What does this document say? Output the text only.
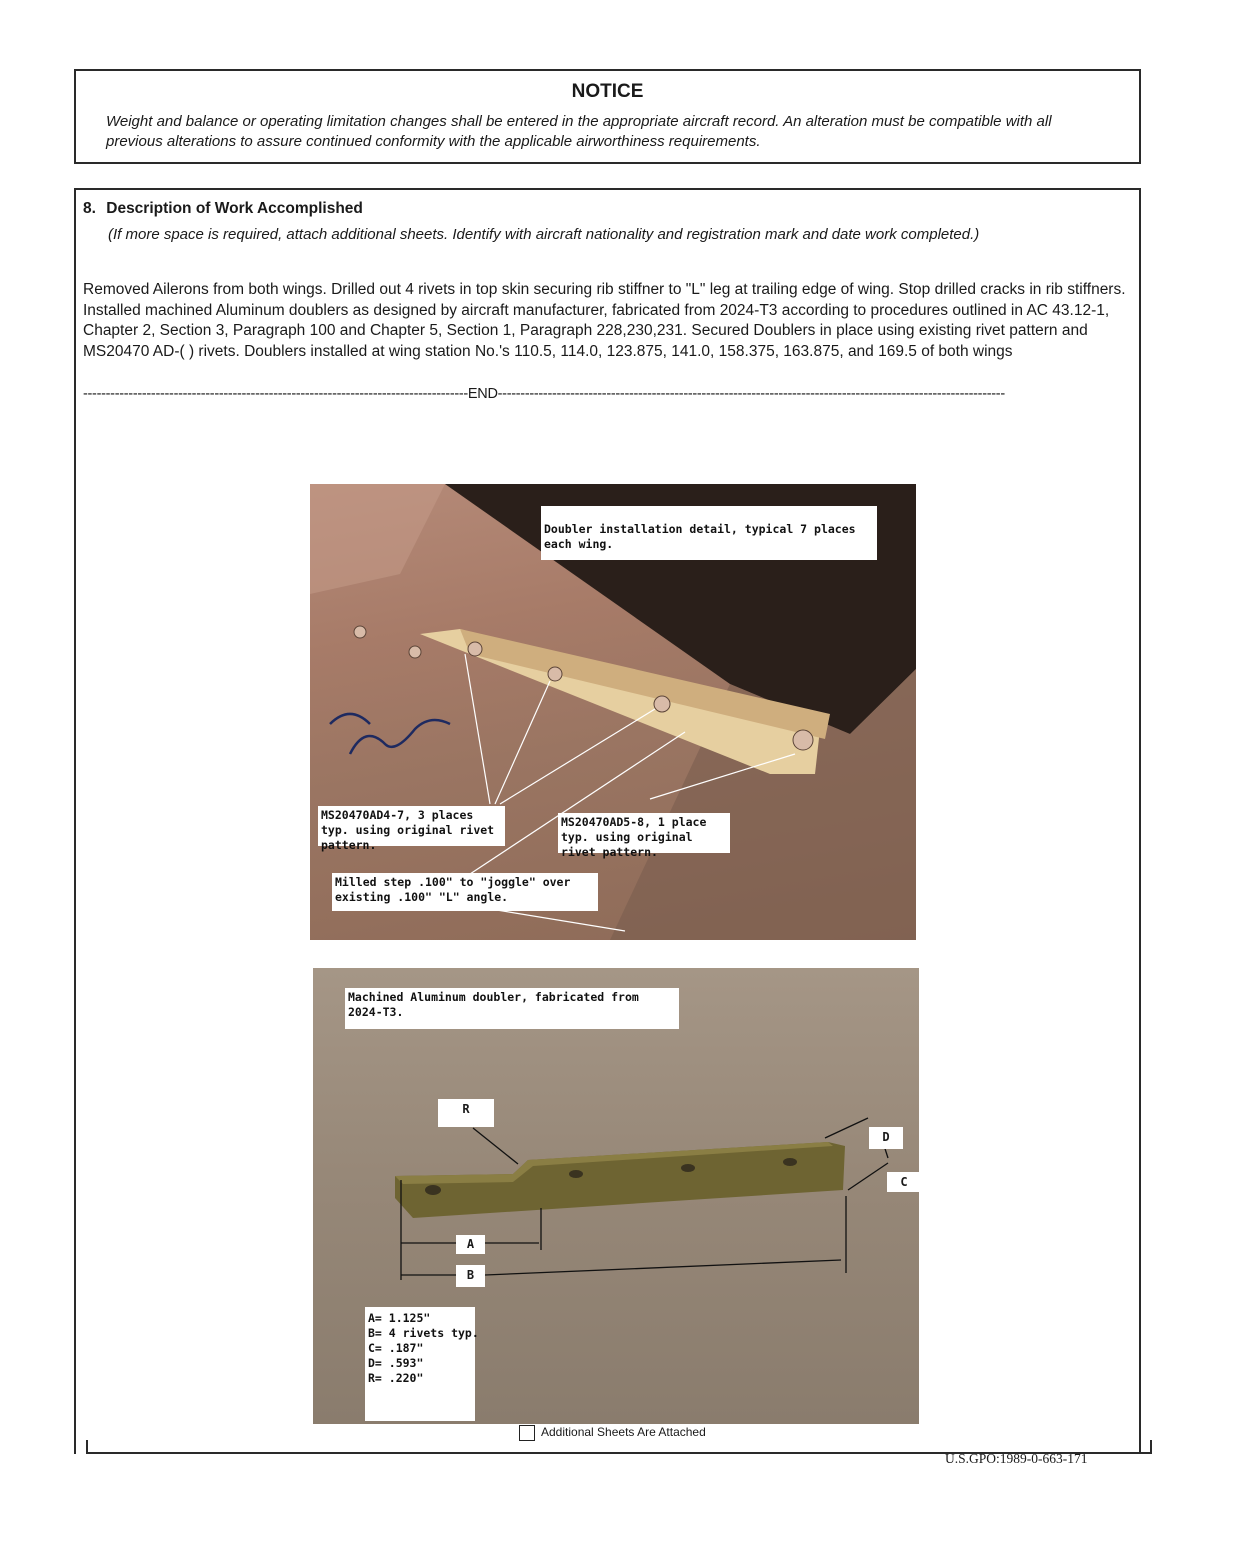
NOTICE
Weight and balance or operating limitation changes shall be entered in the appropriate aircraft record. An alteration must be compatible with all previous alterations to assure continued conformity with the applicable airworthiness requirements.
8. Description of Work Accomplished
(If more space is required, attach additional sheets. Identify with aircraft nationality and registration mark and date work completed.)
Removed Ailerons from both wings. Drilled out 4 rivets in top skin securing rib stiffner to "L" leg at trailing edge of wing. Stop drilled cracks in rib stiffners. Installed machined Aluminum doublers as designed by aircraft manufacturer, fabricated from 2024-T3 according to procedures outlined in AC 43.12-1, Chapter 2, Section 3, Paragraph 100 and Chapter 5, Section 1, Paragraph 228,230,231. Secured Doublers in place using existing rivet pattern and MS20470 AD-( ) rivets. Doublers installed at wing station No.'s 110.5, 114.0, 123.875, 141.0, 158.375, 163.875, and 169.5 of both wings
-------------------------------------------------------------------------------------END----------------------------------------------------------------------------------------------------------------
Doubler installation detail, typical 7 places each wing.
MS20470AD4-7, 3 places typ. using original rivet pattern.
MS20470AD5-8, 1 place typ. using original rivet pattern.
Milled step .100" to "joggle" over existing .100" "L" angle.
Machined Aluminum doubler, fabricated from 2024-T3.
R
D
C
A
B
A= 1.125"
B= 4 rivets typ.
C= .187"
D= .593"
R= .220"
Additional Sheets Are Attached
U.S.GPO:1989-0-663-171
